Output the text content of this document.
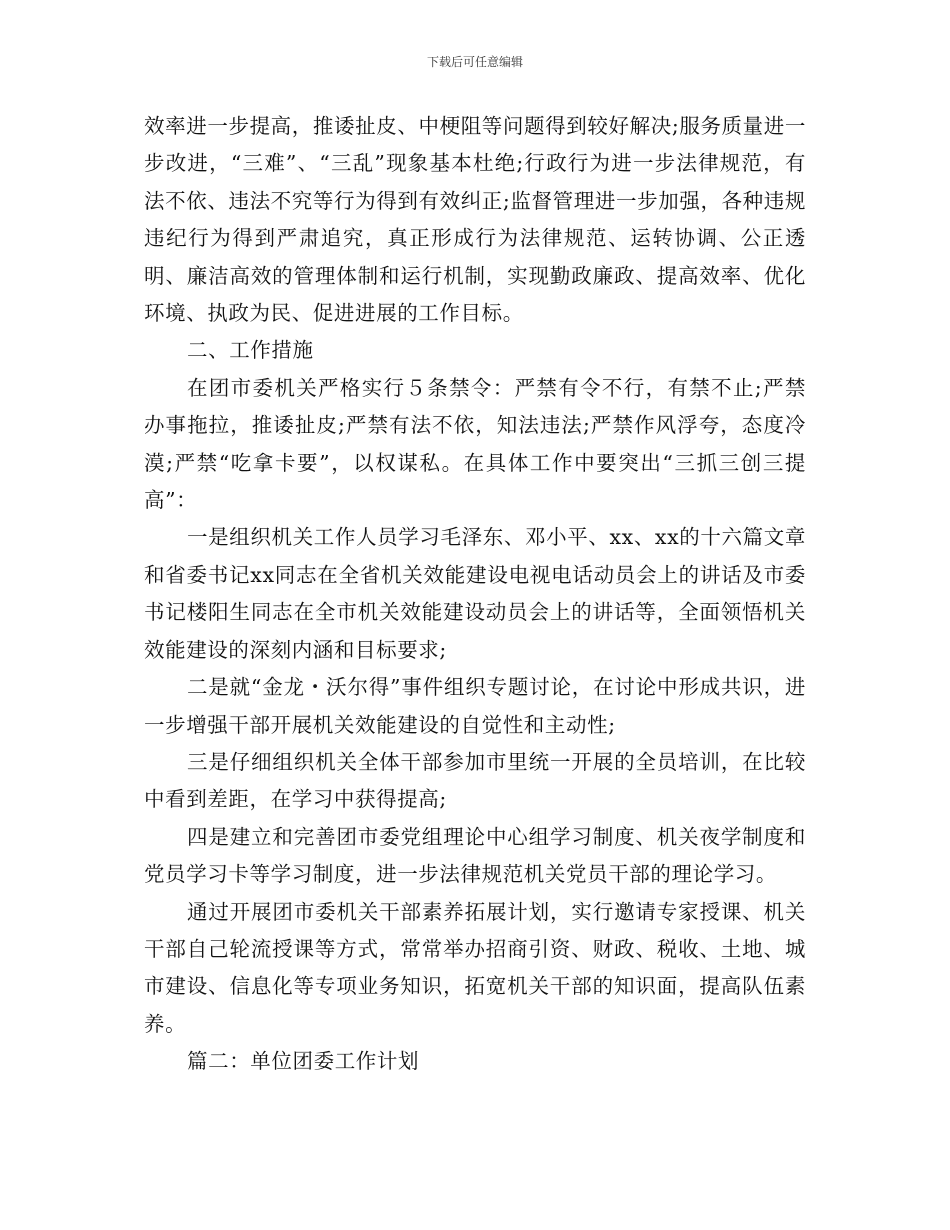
下载后可任意编辑

效率进一步提高，推诿扯皮、中梗阻等问题得到较好解决;服务质量进一步改进，“三难”、“三乱”现象基本杜绝;行政行为进一步法律规范，有法不依、违法不究等行为得到有效纠正;监督管理进一步加强，各种违规违纪行为得到严肃追究，真正形成行为法律规范、运转协调、公正透明、廉洁高效的管理体制和运行机制，实现勤政廉政、提高效率、优化环境、执政为民、促进进展的工作目标。

二、工作措施

在团市委机关严格实行５条禁令：严禁有令不行，有禁不止;严禁办事拖拉，推诿扯皮;严禁有法不依，知法违法;严禁作风浮夸，态度冷漠;严禁“吃拿卡要”，以权谋私。在具体工作中要突出“三抓三创三提高”：

一是组织机关工作人员学习毛泽东、邓小平、xx、xx的十六篇文章和省委书记xx同志在全省机关效能建设电视电话动员会上的讲话及市委书记楼阳生同志在全市机关效能建设动员会上的讲话等，全面领悟机关效能建设的深刻内涵和目标要求;

二是就“金龙・沃尔得”事件组织专题讨论，在讨论中形成共识，进一步增强干部开展机关效能建设的自觉性和主动性;

三是仔细组织机关全体干部参加市里统一开展的全员培训，在比较中看到差距，在学习中获得提高;

四是建立和完善团市委党组理论中心组学习制度、机关夜学制度和党员学习卡等学习制度，进一步法律规范机关党员干部的理论学习。

通过开展团市委机关干部素养拓展计划，实行邀请专家授课、机关干部自己轮流授课等方式，常常举办招商引资、财政、税收、土地、城市建设、信息化等专项业务知识，拓宽机关干部的知识面，提高队伍素养。

篇二：单位团委工作计划
